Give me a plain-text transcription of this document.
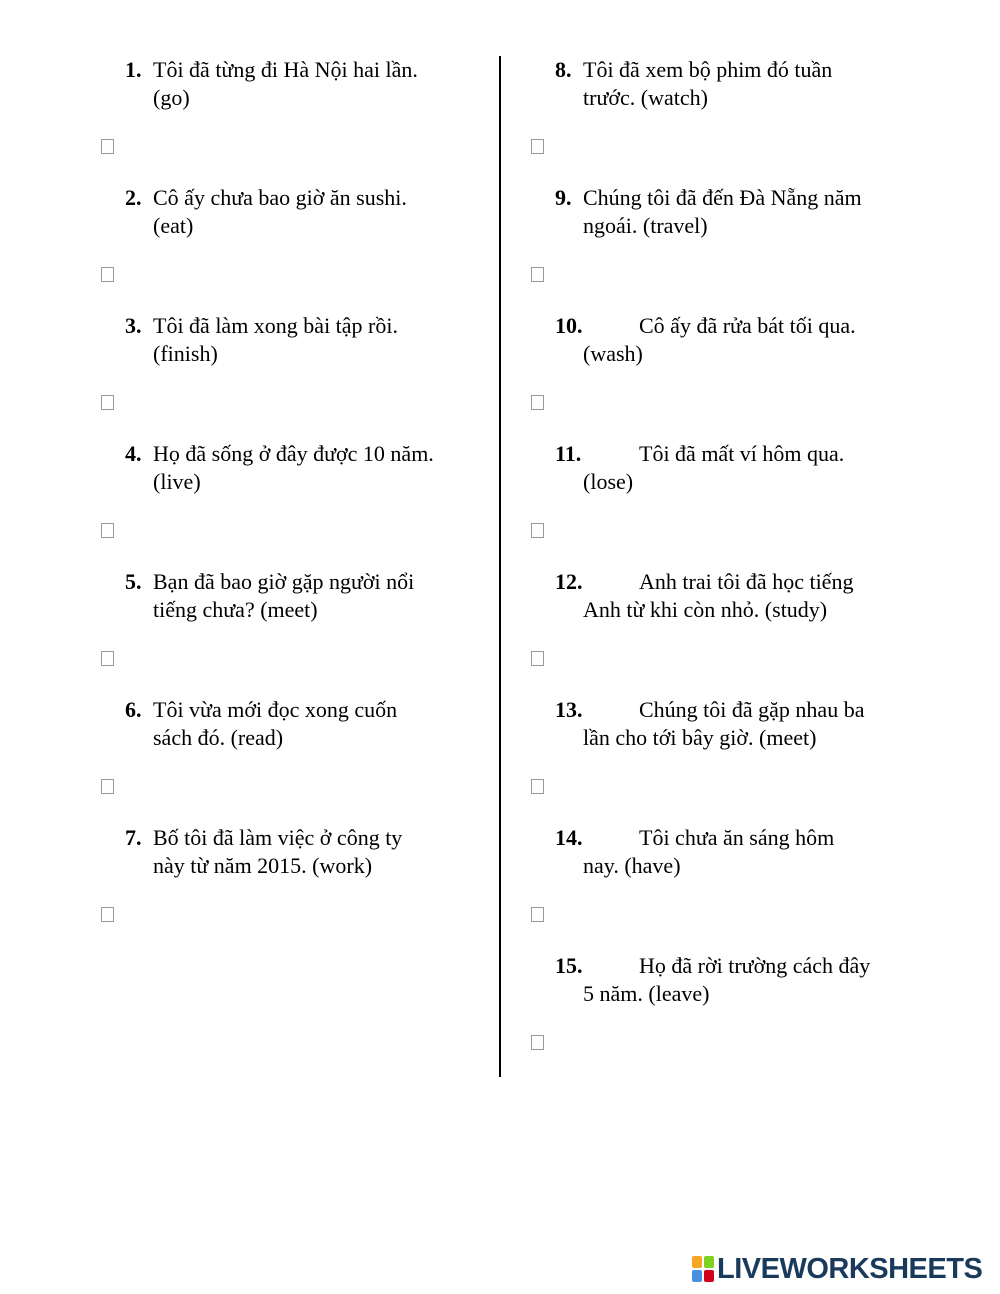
1. Tôi đã từng đi Hà Nội hai lần.
(go)
2. Cô ấy chưa bao giờ ăn sushi.
(eat)
3. Tôi đã làm xong bài tập rồi.
(finish)
4. Họ đã sống ở đây được 10 năm.
(live)
5. Bạn đã bao giờ gặp người nổi
tiếng chưa? (meet)
6. Tôi vừa mới đọc xong cuốn
sách đó. (read)
7. Bố tôi đã làm việc ở công ty
này từ năm 2015. (work)
8. Tôi đã xem bộ phim đó tuần
trước. (watch)
9. Chúng tôi đã đến Đà Nẵng năm
ngoái. (travel)
10.	Cô ấy đã rửa bát tối qua.
(wash)
11.	Tôi đã mất ví hôm qua.
(lose)
12.	Anh trai tôi đã học tiếng
Anh từ khi còn nhỏ. (study)
13.	Chúng tôi đã gặp nhau ba
lần cho tới bây giờ. (meet)
14.	Tôi chưa ăn sáng hôm
nay. (have)
15.	Họ đã rời trường cách đây
5 năm. (leave)
LIVEWORKSHEETS
